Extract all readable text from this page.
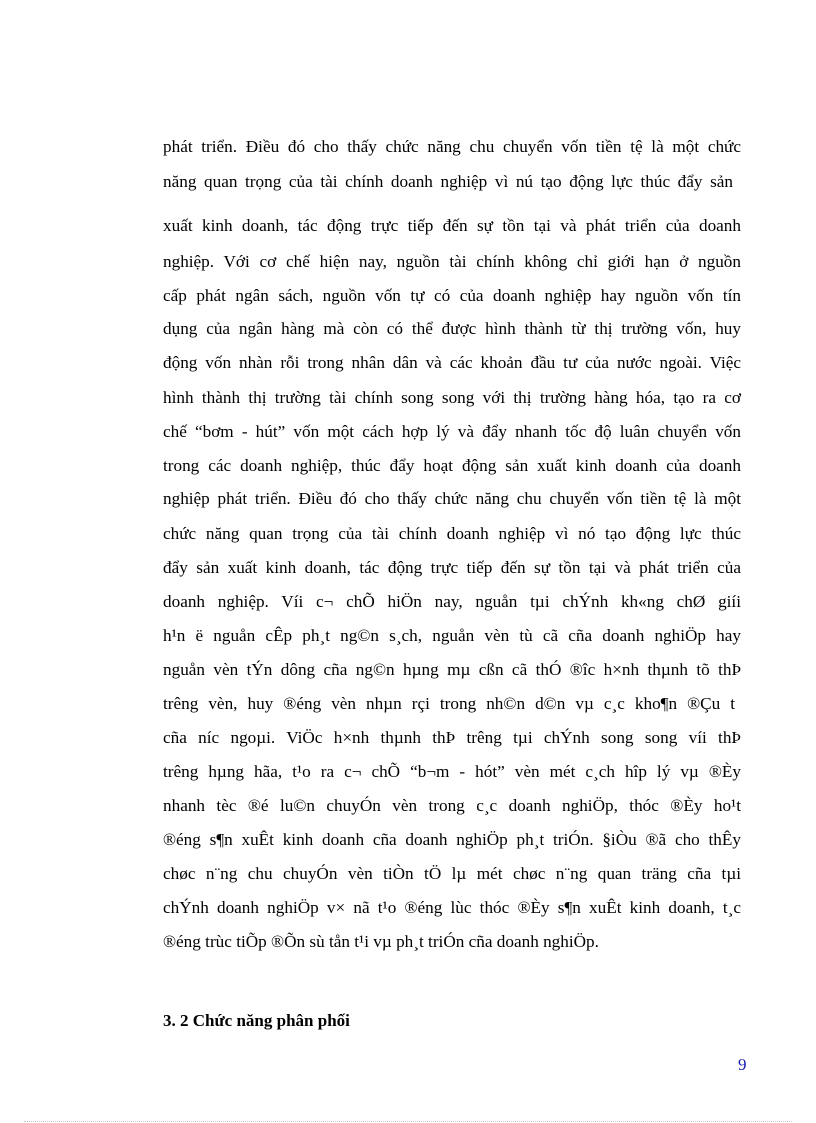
phát triển. Điều đó cho thấy chức năng chu chuyển vốn tiền tệ là một chức
năng quan trọng của tài chính doanh nghiệp vì nú tạo động lực thúc đẩy sản
xuất kinh doanh, tác động trực tiếp đến sự tồn tại và phát triển của doanh
nghiệp. Với cơ chế hiện nay, nguồn tài chính không chỉ giới hạn ở nguồn
cấp phát ngân sách, nguồn vốn tự có của doanh nghiệp hay nguồn vốn tín
dụng của ngân hàng mà còn có thể được hình thành từ thị trường vốn, huy
động vốn nhàn rỗi trong nhân dân và các khoản đầu tư của nước ngoài. Việc
hình thành thị trường tài chính song song với thị trường hàng hóa, tạo ra cơ
chế “bơm - hút” vốn một cách hợp lý và đẩy nhanh tốc độ luân chuyển vốn
trong các doanh nghiệp, thúc đẩy hoạt động sản xuất kinh doanh của doanh
nghiệp phát triển. Điều đó cho thấy chức năng chu chuyển vốn tiền tệ là một
chức năng quan trọng của tài chính doanh nghiệp vì nó tạo động lực thúc
đẩy sản xuất kinh doanh, tác động trực tiếp đến sự tồn tại và phát triển của
doanh nghiệp. Víi c¬ chÕ hiÖn nay, nguån tµi chÝnh kh«ng chØ giíi
h¹n ë nguån cÊp ph¸t ng©n s¸ch, nguån vèn tù cã cña doanh nghiÖp hay
nguån vèn tÝn dông cña ng©n hµng mµ cßn cã thÓ ®îc h×nh thµnh tõ thÞ
trêng vèn, huy ®éng vèn nhµn rçi trong nh©n d©n vµ c¸c kho¶n ®Çu t
cña níc ngoµi. ViÖc h×nh thµnh thÞ trêng tµi chÝnh song song víi thÞ
trêng hµng hãa, t¹o ra c¬ chÕ “b¬m - hót” vèn mét c¸ch hîp lý vµ ®Èy
nhanh tèc ®é lu©n chuyÓn vèn trong c¸c doanh nghiÖp, thóc ®Èy ho¹t
®éng s¶n xuÊt kinh doanh cña doanh nghiÖp ph¸t triÓn. §iÒu ®ã cho thÊy
chøc n¨ng chu chuyÓn vèn tiÒn tÖ lµ mét chøc n¨ng quan träng cña tµi
chÝnh doanh nghiÖp v× nã t¹o ®éng lùc thóc ®Èy s¶n xuÊt kinh doanh, t¸c
®éng trùc tiÕp ®Õn sù tån t¹i vµ ph¸t triÓn cña doanh nghiÖp.
3. 2 Chức năng phân phối
9
